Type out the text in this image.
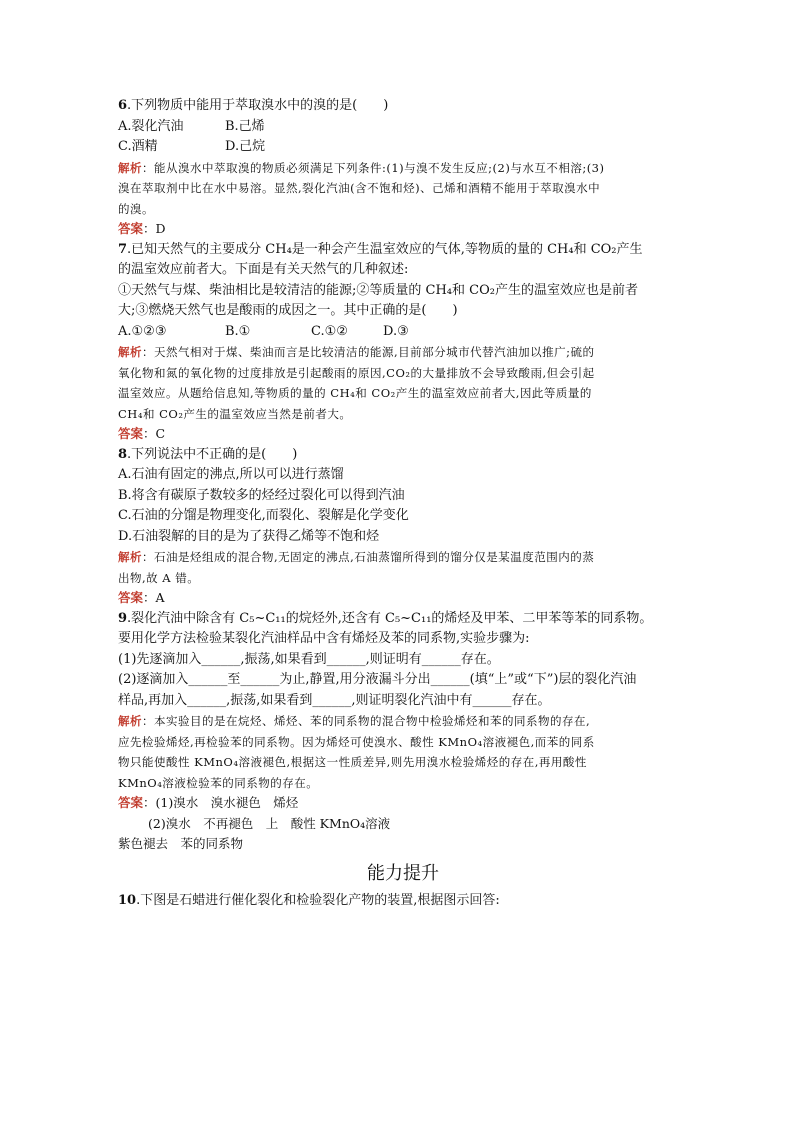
6.下列物质中能用于萃取溴水中的溴的是(　　)
A.裂化汽油	B.己烯
C.酒精	D.己烷
解析：能从溴水中萃取溴的物质必须满足下列条件:(1)与溴不发生反应;(2)与水互不相溶;(3)
溴在萃取剂中比在水中易溶。显然,裂化汽油(含不饱和烃)、己烯和酒精不能用于萃取溴水中
的溴。
答案：D
7.已知天然气的主要成分 CH₄是一种会产生温室效应的气体,等物质的量的 CH₄和 CO₂产生
的温室效应前者大。下面是有关天然气的几种叙述:
①天然气与煤、柴油相比是较清洁的能源;②等质量的 CH₄和 CO₂产生的温室效应也是前者
大;③燃烧天然气也是酸雨的成因之一。其中正确的是(　　)
A.①②③	B.①	C.①②	D.③
解析：天然气相对于煤、柴油而言是比较清洁的能源,目前部分城市代替汽油加以推广;硫的
氧化物和氮的氧化物的过度排放是引起酸雨的原因,CO₂的大量排放不会导致酸雨,但会引起
温室效应。从题给信息知,等物质的量的 CH₄和 CO₂产生的温室效应前者大,因此等质量的
CH₄和 CO₂产生的温室效应当然是前者大。
答案：C
8.下列说法中不正确的是(　　)
A.石油有固定的沸点,所以可以进行蒸馏
B.将含有碳原子数较多的烃经过裂化可以得到汽油
C.石油的分馏是物理变化,而裂化、裂解是化学变化
D.石油裂解的目的是为了获得乙烯等不饱和烃
解析：石油是烃组成的混合物,无固定的沸点,石油蒸馏所得到的馏分仅是某温度范围内的蒸
出物,故 A 错。
答案：A
9.裂化汽油中除含有 C₅~C₁₁的烷烃外,还含有 C₅~C₁₁的烯烃及甲苯、二甲苯等苯的同系物。
要用化学方法检验某裂化汽油样品中含有烯烃及苯的同系物,实验步骤为:
(1)先逐滴加入______,振荡,如果看到______,则证明有______存在。
(2)逐滴加入______至______为止,静置,用分液漏斗分出______(填“上”或“下”)层的裂化汽油
样品,再加入______,振荡,如果看到______,则证明裂化汽油中有______存在。
解析：本实验目的是在烷烃、烯烃、苯的同系物的混合物中检验烯烃和苯的同系物的存在,
应先检验烯烃,再检验苯的同系物。因为烯烃可使溴水、酸性 KMnO₄溶液褪色,而苯的同系
物只能使酸性 KMnO₄溶液褪色,根据这一性质差异,则先用溴水检验烯烃的存在,再用酸性
KMnO₄溶液检验苯的同系物的存在。
答案：(1)溴水　溴水褪色　烯烃
(2)溴水　不再褪色　上　酸性 KMnO₄溶液
紫色褪去　苯的同系物
能力提升
10.下图是石蜡进行催化裂化和检验裂化产物的装置,根据图示回答:
